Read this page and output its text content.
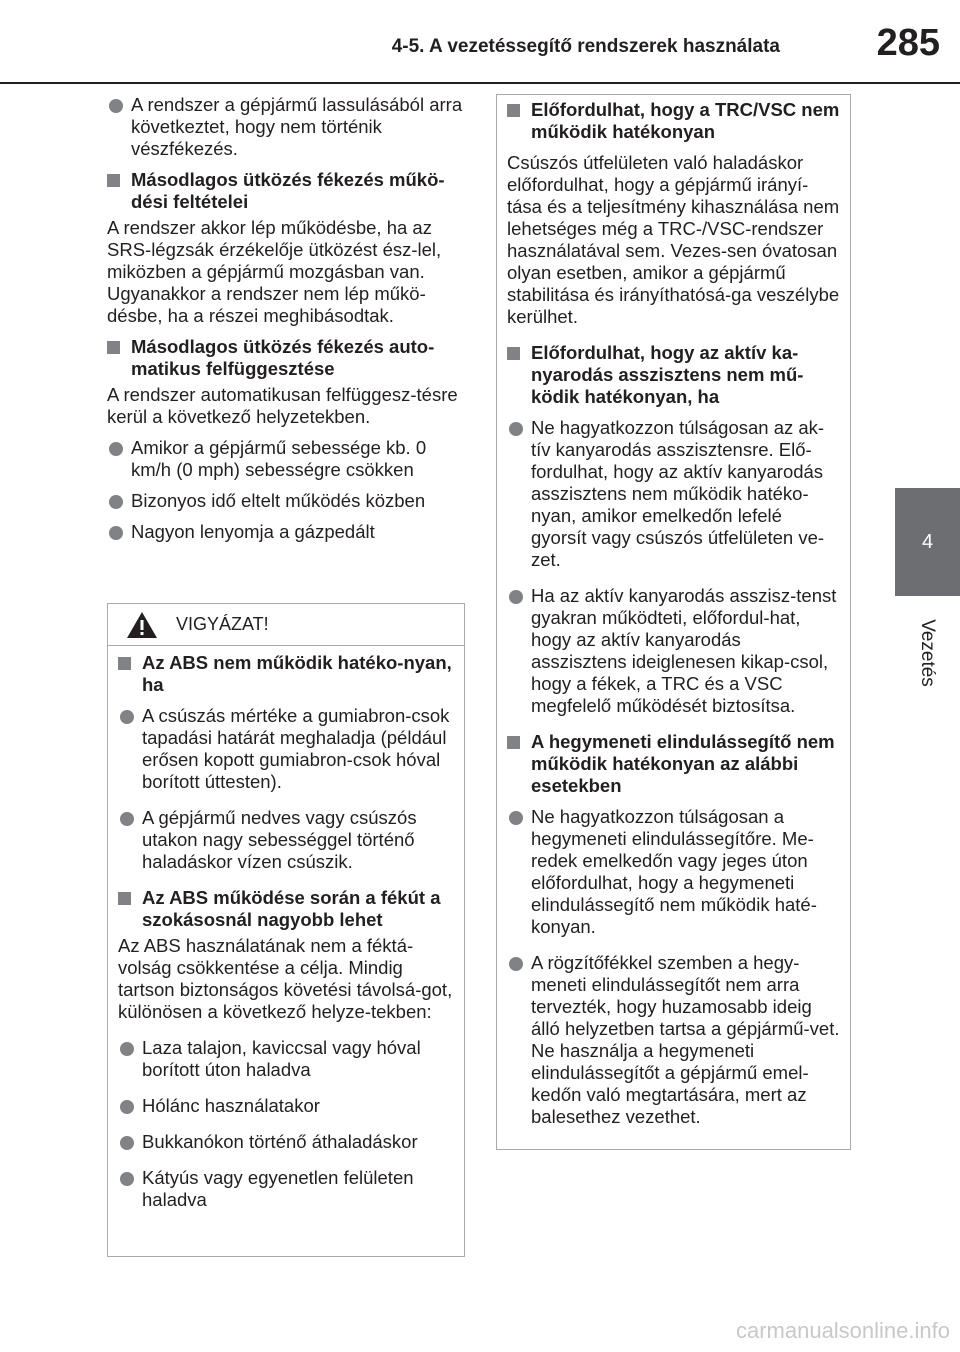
4-5. A vezetéssegítő rendszerek használata	285
4
Vezetés
A rendszer a gépjármű lassulásából arra következtet, hogy nem történik vészfékezés.
Másodlagos ütközés fékezés műkö-dési feltételei
A rendszer akkor lép működésbe, ha az SRS-légzsák érzékelője ütközést ész-lel, miközben a gépjármű mozgásban van.
Ugyanakkor a rendszer nem lép műkö-désbe, ha a részei meghibásodtak.
Másodlagos ütközés fékezés auto-matikus felfüggesztése
A rendszer automatikusan felfüggesz-tésre kerül a következő helyzetekben.
Amikor a gépjármű sebessége kb. 0 km/h (0 mph) sebességre csökken
Bizonyos idő eltelt működés közben
Nagyon lenyomja a gázpedált
VIGYÁZAT!
Az ABS nem működik hatéko-nyan, ha
A csúszás mértéke a gumiabron-csok tapadási határát meghaladja (például erősen kopott gumiabron-csok hóval borított úttesten).
A gépjármű nedves vagy csúszós utakon nagy sebességgel történő haladáskor vízen csúszik.
Az ABS működése során a fékút a szokásosnál nagyobb lehet
Az ABS használatának nem a féktá-volság csökkentése a célja. Mindig tartson biztonságos követési távolsá-got, különösen a következő helyze-tekben:
Laza talajon, kaviccsal vagy hóval borított úton haladva
Hólánc használatakor
Bukkanókon történő áthaladáskor
Kátyús vagy egyenetlen felületen haladva
Előfordulhat, hogy a TRC/VSC nem működik hatékonyan
Csúszós útfelületen való haladáskor előfordulhat, hogy a gépjármű irányí-tása és a teljesítmény kihasználása nem lehetséges még a TRC-/VSC-rendszer használatával sem. Vezes-sen óvatosan olyan esetben, amikor a gépjármű stabilitása és irányíthatósá-ga veszélybe kerülhet.
Előfordulhat, hogy az aktív ka-nyarodás asszisztens nem mű-ködik hatékonyan, ha
Ne hagyatkozzon túlságosan az ak-tív kanyarodás asszisztensre. Elő-fordulhat, hogy az aktív kanyarodás asszisztens nem működik hatéko-nyan, amikor emelkedőn lefelé gyorsít vagy csúszós útfelületen ve-zet.
Ha az aktív kanyarodás asszisz-tenst gyakran működteti, előfordul-hat, hogy az aktív kanyarodás asszisztens ideiglenesen kikap-csol, hogy a fékek, a TRC és a VSC megfelelő működését biztosítsa.
A hegymeneti elindulássegítő nem működik hatékonyan az alábbi esetekben
Ne hagyatkozzon túlságosan a hegymeneti elindulássegítőre. Me-redek emelkedőn vagy jeges úton előfordulhat, hogy a hegymeneti elindulássegítő nem működik haté-konyan.
A rögzítőfékkel szemben a hegy-meneti elindulássegítőt nem arra tervezték, hogy huzamosabb ideig álló helyzetben tartsa a gépjármű-vet. Ne használja a hegymeneti elindulássegítőt a gépjármű emel-kedőn való megtartására, mert az balesethez vezethet.
carmanualsonline.info
